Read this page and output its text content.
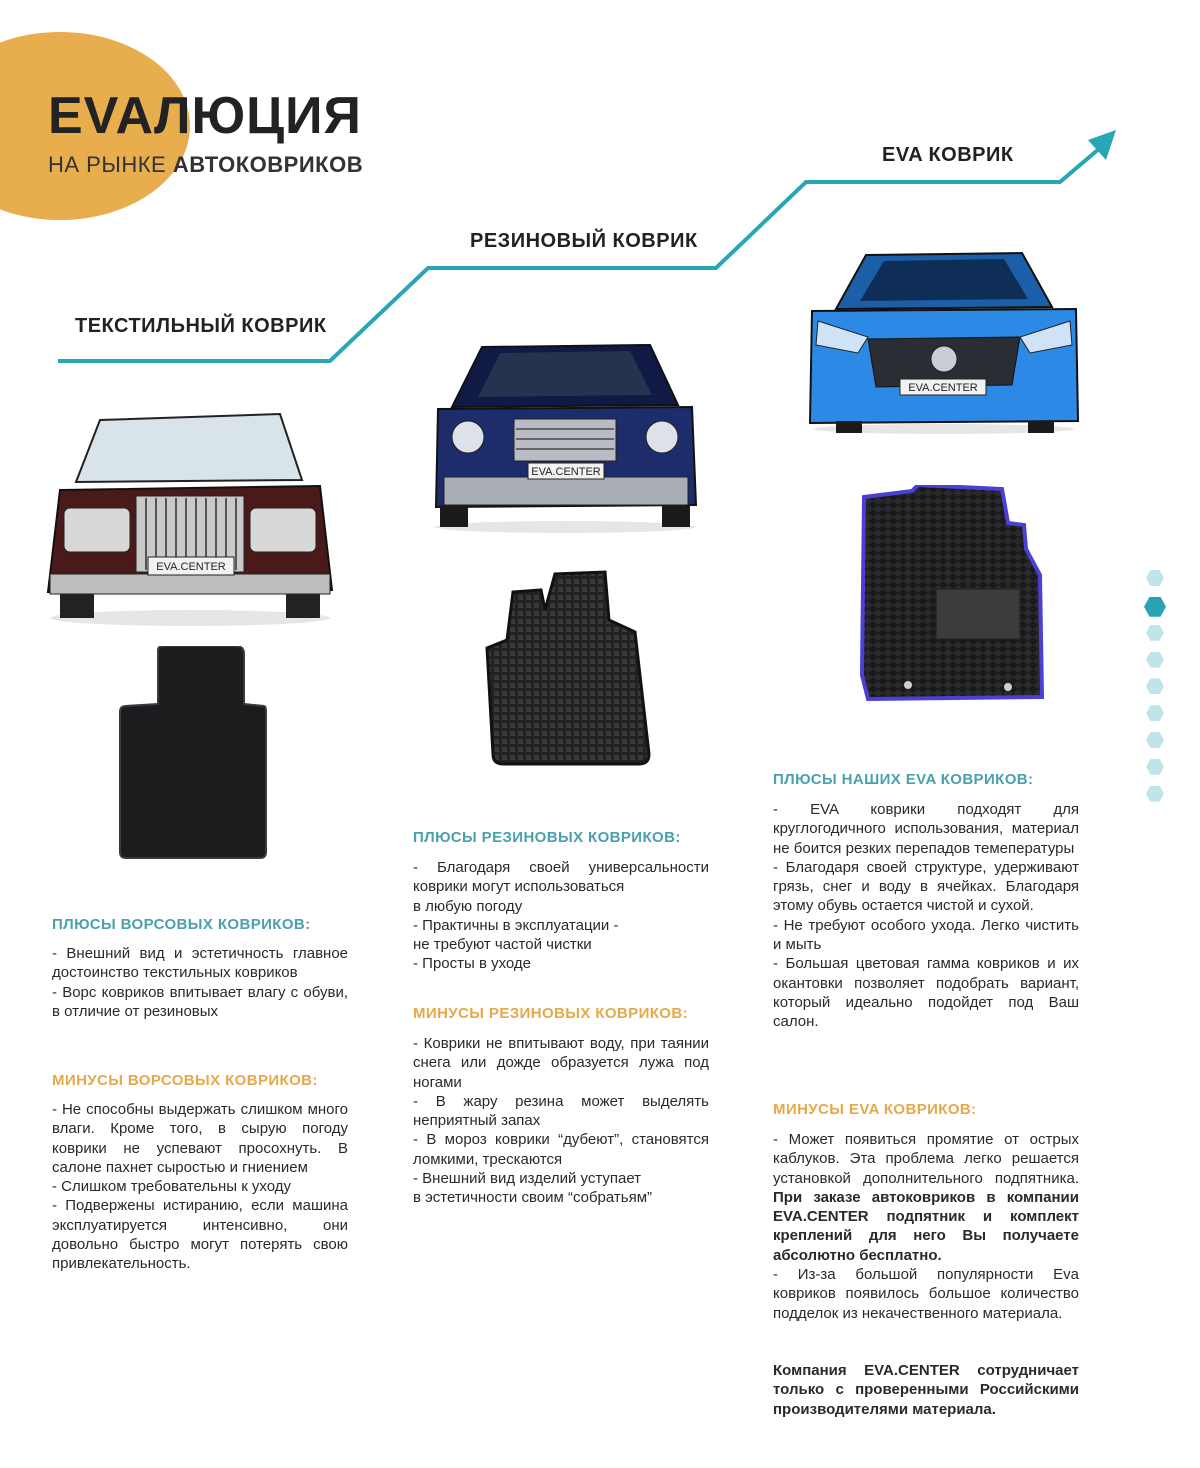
EVAЛЮЦИЯ
НА РЫНКЕ АВТОКОВРИКОВ
ТЕКСТИЛЬНЫЙ КОВРИК
РЕЗИНОВЫЙ КОВРИК
EVA КОВРИК
EVA.CENTER
EVA.CENTER
EVA.CENTER
ПЛЮСЫ ВОРСОВЫХ КОВРИКОВ:

- Внешний вид и эстетичность главное достоинство текстильных ковриков

- Ворс ковриков впитывает влагу с обуви, в отличие от резиновых

МИНУСЫ ВОРСОВЫХ КОВРИКОВ:

- Не способны выдержать слишком много влаги. Кроме того, в сырую погоду коврики не успевают просохнуть. В салоне пахнет сыростью и гниением

- Слишком требовательны к уходу

- Подвержены истиранию, если машина эксплуатируется интенсивно, они довольно быстро могут потерять свою привлекательность.

ПЛЮСЫ РЕЗИНОВЫХ КОВРИКОВ:

- Благодаря своей универсальности коврики могут использоваться

в любую погоду

- Практичны в эксплуатации -

не требуют частой чистки

- Просты в уходе

МИНУСЫ РЕЗИНОВЫХ КОВРИКОВ:

- Коврики не впитывают воду, при таянии снега или дожде образуется лужа под ногами

- В жару резина может выделять неприятный запах

- В мороз коврики “дубеют”, становятся ломкими, трескаются

- Внешний вид изделий уступает

в эстетичности своим “собратьям”

ПЛЮСЫ НАШИХ EVA КОВРИКОВ:

- EVA коврики подходят для круглогодичного использования, материал не боится резких перепадов темепературы

- Благодаря своей структуре, удерживают грязь, снег и воду в ячейках. Благодаря этому обувь остается чистой и сухой.

- Не требуют особого ухода. Легко чистить и мыть

- Большая цветовая гамма ковриков и их окантовки позволяет подобрать вариант, который идеально подойдет под Ваш салон.

МИНУСЫ EVA КОВРИКОВ:

- Может появиться промятие от острых каблуков. Эта проблема легко решается установкой дополнительного подпятника. При заказе автоковриков в компании EVA.CENTER подпятник и комплект креплений для него Вы получаете абсолютно бесплатно.

- Из-за большой популярности Eva ковриков появилось большое количество подделок из некачественного материала.

Компания EVA.CENTER сотрудничает только с проверенными Российскими производителями материала.
